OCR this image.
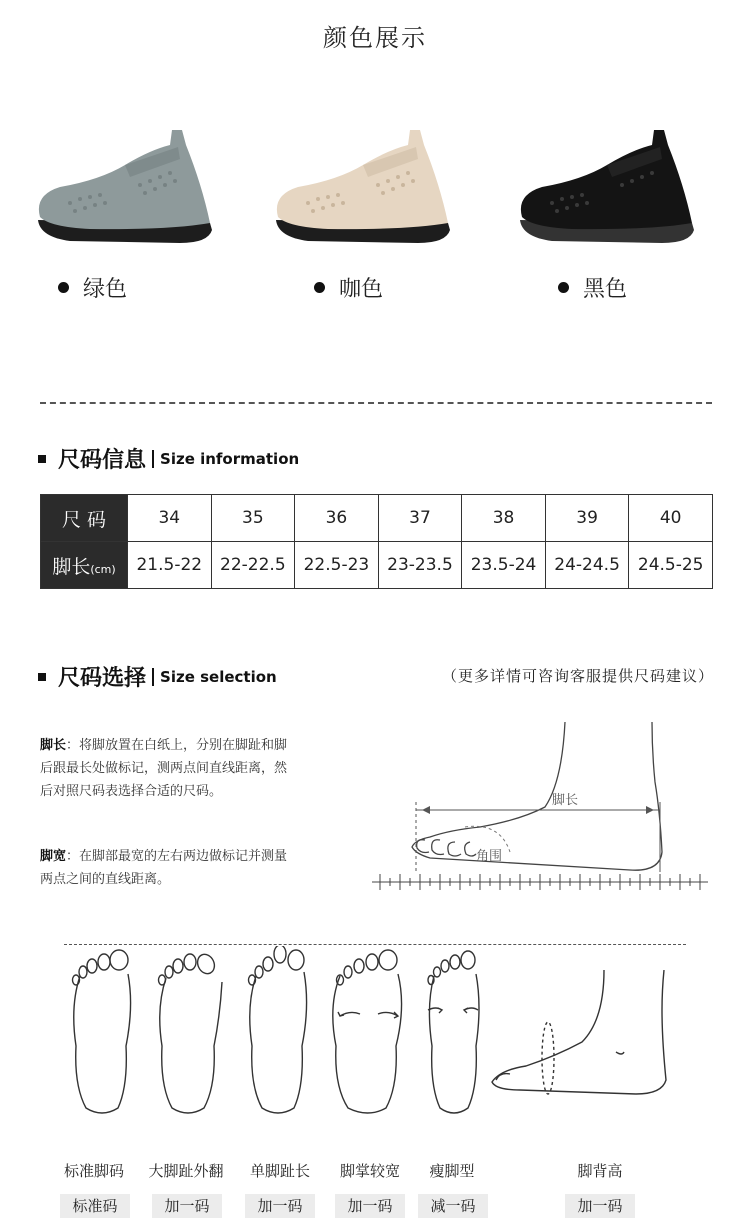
颜色展示
绿色	咖色	黑色
尺码信息 Size information
尺 码	34	35	36	37	38	39	40
脚长(cm)	21.5-22	22-22.5	22.5-23	23-23.5	23.5-24	24-24.5	24.5-25
尺码选择 Size selection	（更多详情可咨询客服提供尺码建议）
脚长：将脚放置在白纸上，分别在脚趾和脚后跟最长处做标记，测两点间直线距离，然后对照尺码表选择合适的尺码。
脚宽：在脚部最宽的左右两边做标记并测量两点之间的直线距离。
脚长
角围
标准脚码	大脚趾外翻	单脚趾长	脚掌较宽	瘦脚型	脚背高
标准码	加一码	加一码	加一码	减一码	加一码
